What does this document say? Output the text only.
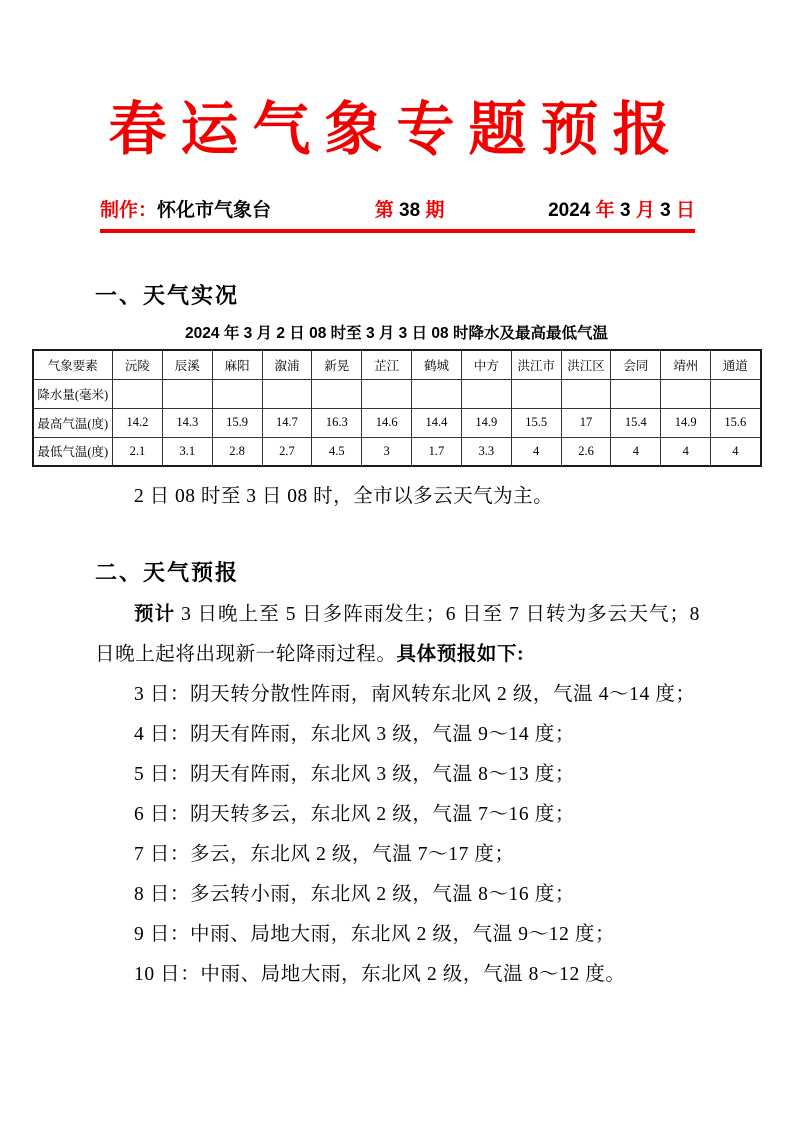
春运气象专题预报
制作：怀化市气象台	第 38 期	2024 年 3 月 3 日
一、天气实况
2024 年 3 月 2 日 08 时至 3 月 3 日 08 时降水及最高最低气温
气象要素	沅陵	辰溪	麻阳	溆浦	新晃	芷江	鹤城	中方	洪江市	洪江区	会同	靖州	通道
降水量(毫米)													
最高气温(度)	14.2	14.3	15.9	14.7	16.3	14.6	14.4	14.9	15.5	17	15.4	14.9	15.6
最低气温(度)	2.1	3.1	2.8	2.7	4.5	3	1.7	3.3	4	2.6	4	4	4

2 日 08 时至 3 日 08 时，全市以多云天气为主。

二、天气预报

预计 3 日晚上至 5 日多阵雨发生；6 日至 7 日转为多云天气；8 日晚上起将出现新一轮降雨过程。具体预报如下:

3 日：阴天转分散性阵雨，南风转东北风 2 级，气温 4～14 度；

4 日：阴天有阵雨，东北风 3 级，气温 9～14 度；

5 日：阴天有阵雨，东北风 3 级，气温 8～13 度；

6 日：阴天转多云，东北风 2 级，气温 7～16 度；

7 日：多云，东北风 2 级，气温 7～17 度；

8 日：多云转小雨，东北风 2 级，气温 8～16 度；

9 日：中雨、局地大雨，东北风 2 级，气温 9～12 度；

10 日：中雨、局地大雨，东北风 2 级，气温 8～12 度。
